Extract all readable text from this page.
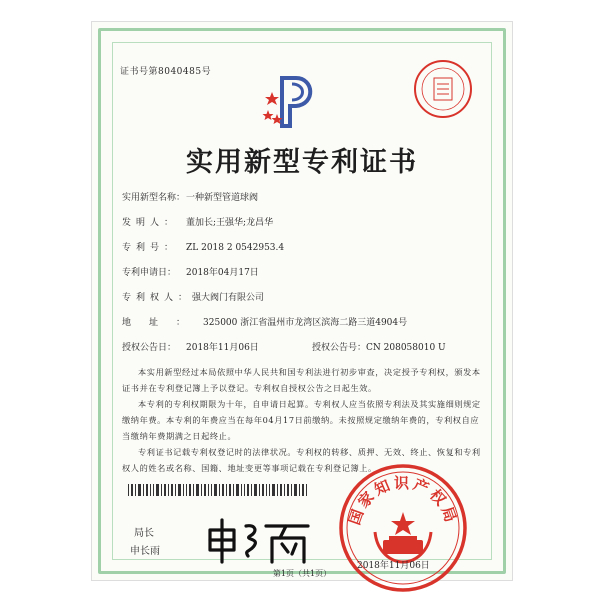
证书号第8040485号
实用新型专利证书
实用新型名称：一种新型管道球阀
发明人： 董加长;王强华;龙昌华
专利号： ZL 2018 2 0542953.4
专利申请日： 2018年04月17日
专利权人：强大阀门有限公司
地址：325000 浙江省温州市龙湾区滨海二路三道4904号
授权公告日： 2018年11月06日	授权公告号：CN 208058010 U
本实用新型经过本局依照中华人民共和国专利法进行初步审查，决定授予专利权，颁发本证书并在专利登记簿上予以登记。专利权自授权公告之日起生效。
本专利的专利权期限为十年，自申请日起算。专利权人应当依照专利法及其实施细则规定缴纳年费。本专利的年费应当在每年04月17日前缴纳。未按照规定缴纳年费的，专利权自应当缴纳年费期满之日起终止。
专利证书记载专利权登记时的法律状况。专利权的转移、质押、无效、终止、恢复和专利权人的姓名或名称、国籍、地址变更等事项记载在专利登记簿上。
局长
申长雨
国家知识产权局
2018年11月06日
第1页（共1页）
